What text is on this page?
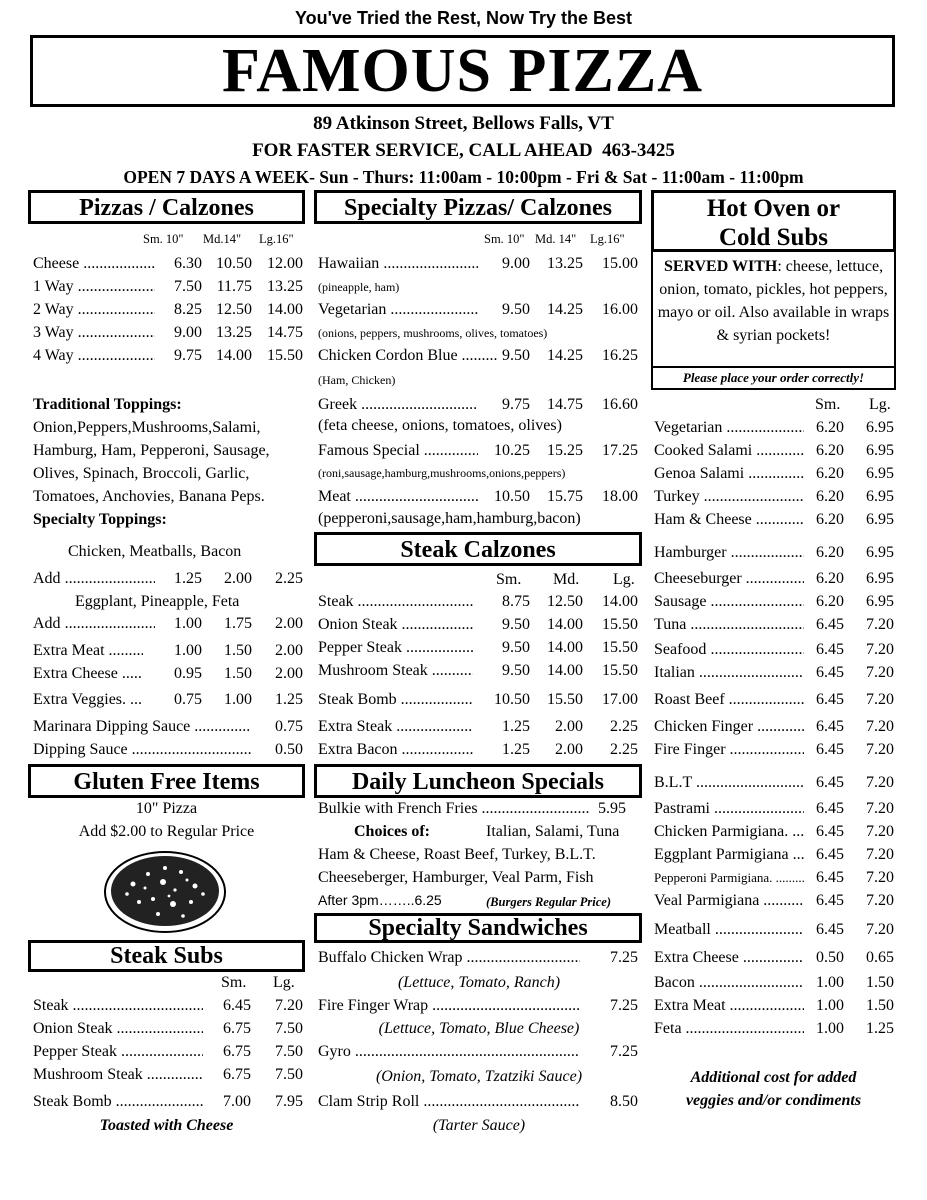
You've Tried the Rest, Now Try the Best
FAMOUS PIZZA
89 Atkinson Street, Bellows Falls, VT
FOR FASTER SERVICE, CALL AHEAD  463-3425
OPEN 7 DAYS A WEEK- Sun - Thurs: 11:00am - 10:00pm - Fri & Sat - 11:00am - 11:00pm
Pizzas / Calzones
Sm. 10" Md.14" Lg.16"
Cheese .....	6.30 10.50 12.00
1 Way .....	7.50 11.75 13.25
2 Way .....	8.25 12.50 14.00
3 Way .....	9.00 13.25 14.75
4 Way .....	9.75 14.00 15.50
Traditional Toppings:
Onion,Peppers,Mushrooms,Salami,
Hamburg, Ham, Pepperoni, Sausage,
Olives, Spinach, Broccoli, Garlic,
Tomatoes, Anchovies, Banana Peps.
Specialty Toppings:
Chicken, Meatballs, Bacon
Add .....	1.25 2.00 2.25
Eggplant, Pineapple, Feta
Add .....	1.00 1.75 2.00
Extra Meat .....	1.00 1.50 2.00
Extra Cheese .....	0.95 1.50 2.00
Extra Veggies. .....	0.75 1.00 1.25
Marinara Dipping Sauce .....	0.75
Dipping Sauce .....	0.50
Gluten Free Items
10" Pizza
Add $2.00 to Regular Price
Steak Subs
Sm. Lg.
Steak .....	6.45 7.20
Onion Steak .....	6.75 7.50
Pepper Steak .....	6.75 7.50
Mushroom Steak .....	6.75 7.50
Steak Bomb .....	7.00 7.95
Toasted with Cheese
Specialty Pizzas/ Calzones
Sm. 10" Md. 14" Lg.16"
Hawaiian .....	9.00 13.25 15.00
(pineapple, ham)
Vegetarian .....	9.50 14.25 16.00
(onions, peppers, mushrooms, olives, tomatoes)
Chicken Cordon Blue .....	9.50 14.25 16.25
(Ham, Chicken)
Greek .....	9.75 14.75 16.60
(feta cheese, onions, tomatoes, olives)
Famous Special .....	10.25 15.25 17.25
(roni,sausage,hamburg,mushrooms,onions,peppers)
Meat .....	10.50 15.75 18.00
(pepperoni,sausage,ham,hamburg,bacon)
Steak Calzones
Sm. Md. Lg.
Steak .....	8.75 12.50 14.00
Onion Steak .....	9.50 14.00 15.50
Pepper Steak .....	9.50 14.00 15.50
Mushroom Steak .....	9.50 14.00 15.50
Steak Bomb .....	10.50 15.50 17.00
Extra Steak .....	1.25 2.00 2.25
Extra Bacon .....	1.25 2.00 2.25
Daily Luncheon Specials
Bulkie with French Fries .....	5.95
Choices of:	Italian, Salami, Tuna
Ham & Cheese, Roast Beef, Turkey, B.L.T.
Cheeseberger, Hamburger, Veal Parm, Fish
After 3pm……..6.25	(Burgers Regular Price)
Specialty Sandwiches
Buffalo Chicken Wrap .....	7.25
(Lettuce, Tomato, Ranch)
Fire Finger Wrap .....	7.25
(Lettuce, Tomato, Blue Cheese)
Gyro .....	7.25
(Onion, Tomato, Tzatziki Sauce)
Clam Strip Roll .....	8.50
(Tarter Sauce)
Hot Oven or
Cold Subs
SERVED WITH: cheese, lettuce, onion, tomato, pickles, hot peppers, mayo or oil. Also available in wraps & syrian pockets!
Please place your order correctly!
Sm. Lg.
Vegetarian .....	6.20 6.95
Cooked Salami .....	6.20 6.95
Genoa Salami .....	6.20 6.95
Turkey .....	6.20 6.95
Ham & Cheese .....	6.20 6.95
Hamburger .....	6.20 6.95
Cheeseburger .....	6.20 6.95
Sausage .....	6.20 6.95
Tuna .....	6.45 7.20
Seafood .....	6.45 7.20
Italian .....	6.45 7.20
Roast Beef .....	6.45 7.20
Chicken Finger .....	6.45 7.20
Fire Finger .....	6.45 7.20
B.L.T .....	6.45 7.20
Pastrami .....	6.45 7.20
Chicken Parmigiana. .....	6.45 7.20
Eggplant Parmigiana .....	6.45 7.20
Pepperoni Parmigiana. .....	6.45 7.20
Veal Parmigiana .....	6.45 7.20
Meatball .....	6.45 7.20
Extra Cheese .....	0.50 0.65
Bacon .....	1.00 1.50
Extra Meat .....	1.00 1.50
Feta .....	1.00 1.25
Additional cost for added
veggies and/or condiments
